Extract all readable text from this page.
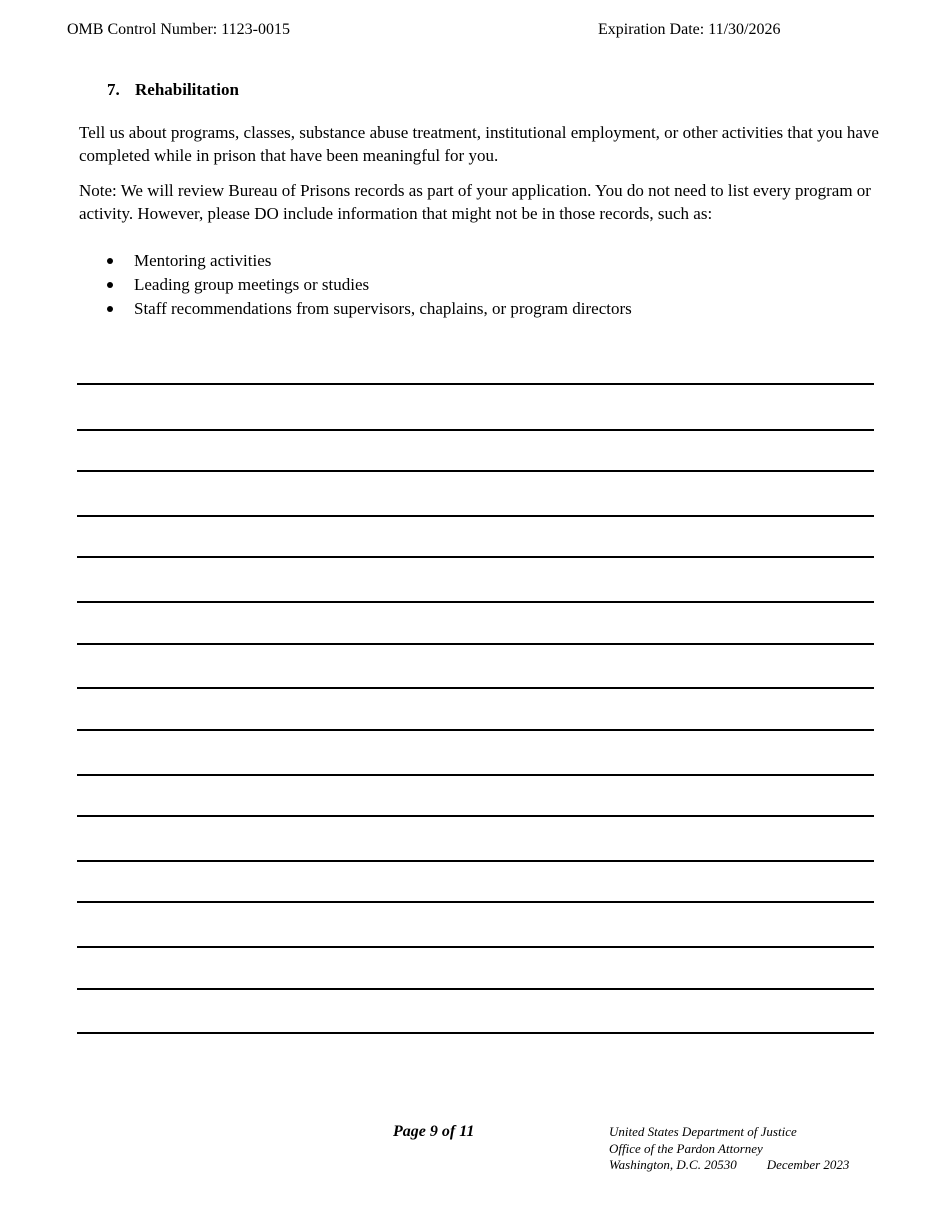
OMB Control Number: 1123-0015	Expiration Date: 11/30/2026
7. Rehabilitation

Tell us about programs, classes, substance abuse treatment, institutional employment, or other activities that you have completed while in prison that have been meaningful for you.

Note: We will review Bureau of Prisons records as part of your application. You do not need to list every program or activity. However, please DO include information that might not be in those records, such as:

Mentoring activities
Leading group meetings or studies
Staff recommendations from supervisors, chaplains, or program directors
Page 9 of 11	United States Department of Justice
Office of the Pardon Attorney
Washington, D.C. 20530 December 2023
